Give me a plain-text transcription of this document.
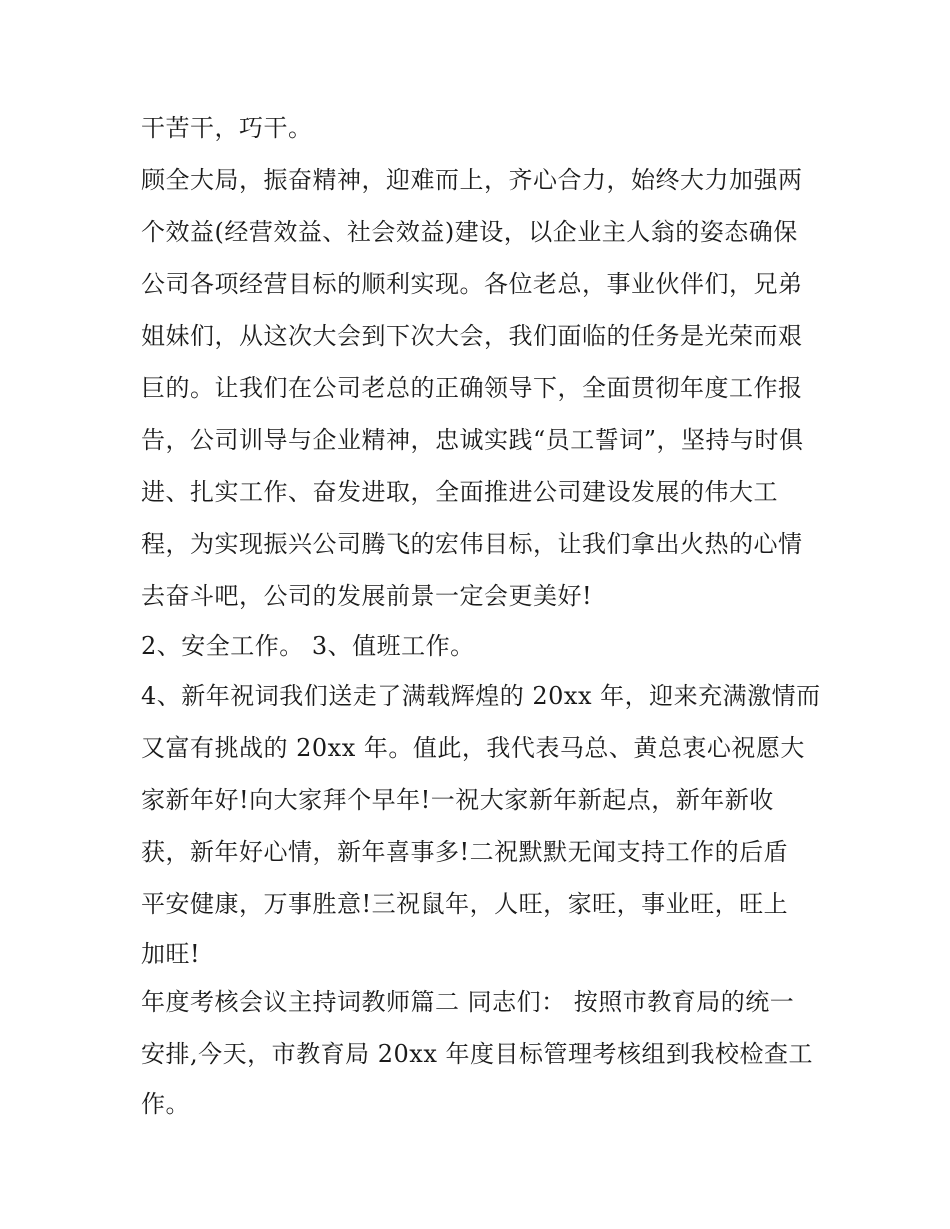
干苦干，巧干。
顾全大局，振奋精神，迎难而上，齐心合力，始终大力加强两
个效益(经营效益、社会效益)建设，以企业主人翁的姿态确保
公司各项经营目标的顺利实现。各位老总，事业伙伴们，兄弟
姐妹们，从这次大会到下次大会，我们面临的任务是光荣而艰
巨的。让我们在公司老总的正确领导下，全面贯彻年度工作报
告，公司训导与企业精神，忠诚实践“员工誓词”，坚持与时俱
进、扎实工作、奋发进取，全面推进公司建设发展的伟大工
程，为实现振兴公司腾飞的宏伟目标，让我们拿出火热的心情
去奋斗吧，公司的发展前景一定会更美好!
2、安全工作。 3、值班工作。
4、新年祝词我们送走了满载辉煌的 20xx 年，迎来充满激情而
又富有挑战的 20xx 年。值此，我代表马总、黄总衷心祝愿大
家新年好!向大家拜个早年!一祝大家新年新起点，新年新收
获，新年好心情，新年喜事多!二祝默默无闻支持工作的后盾
平安健康，万事胜意!三祝鼠年，人旺，家旺，事业旺，旺上
加旺!
年度考核会议主持词教师篇二 同志们： 按照市教育局的统一
安排,今天，市教育局 20xx 年度目标管理考核组到我校检查工
作。
